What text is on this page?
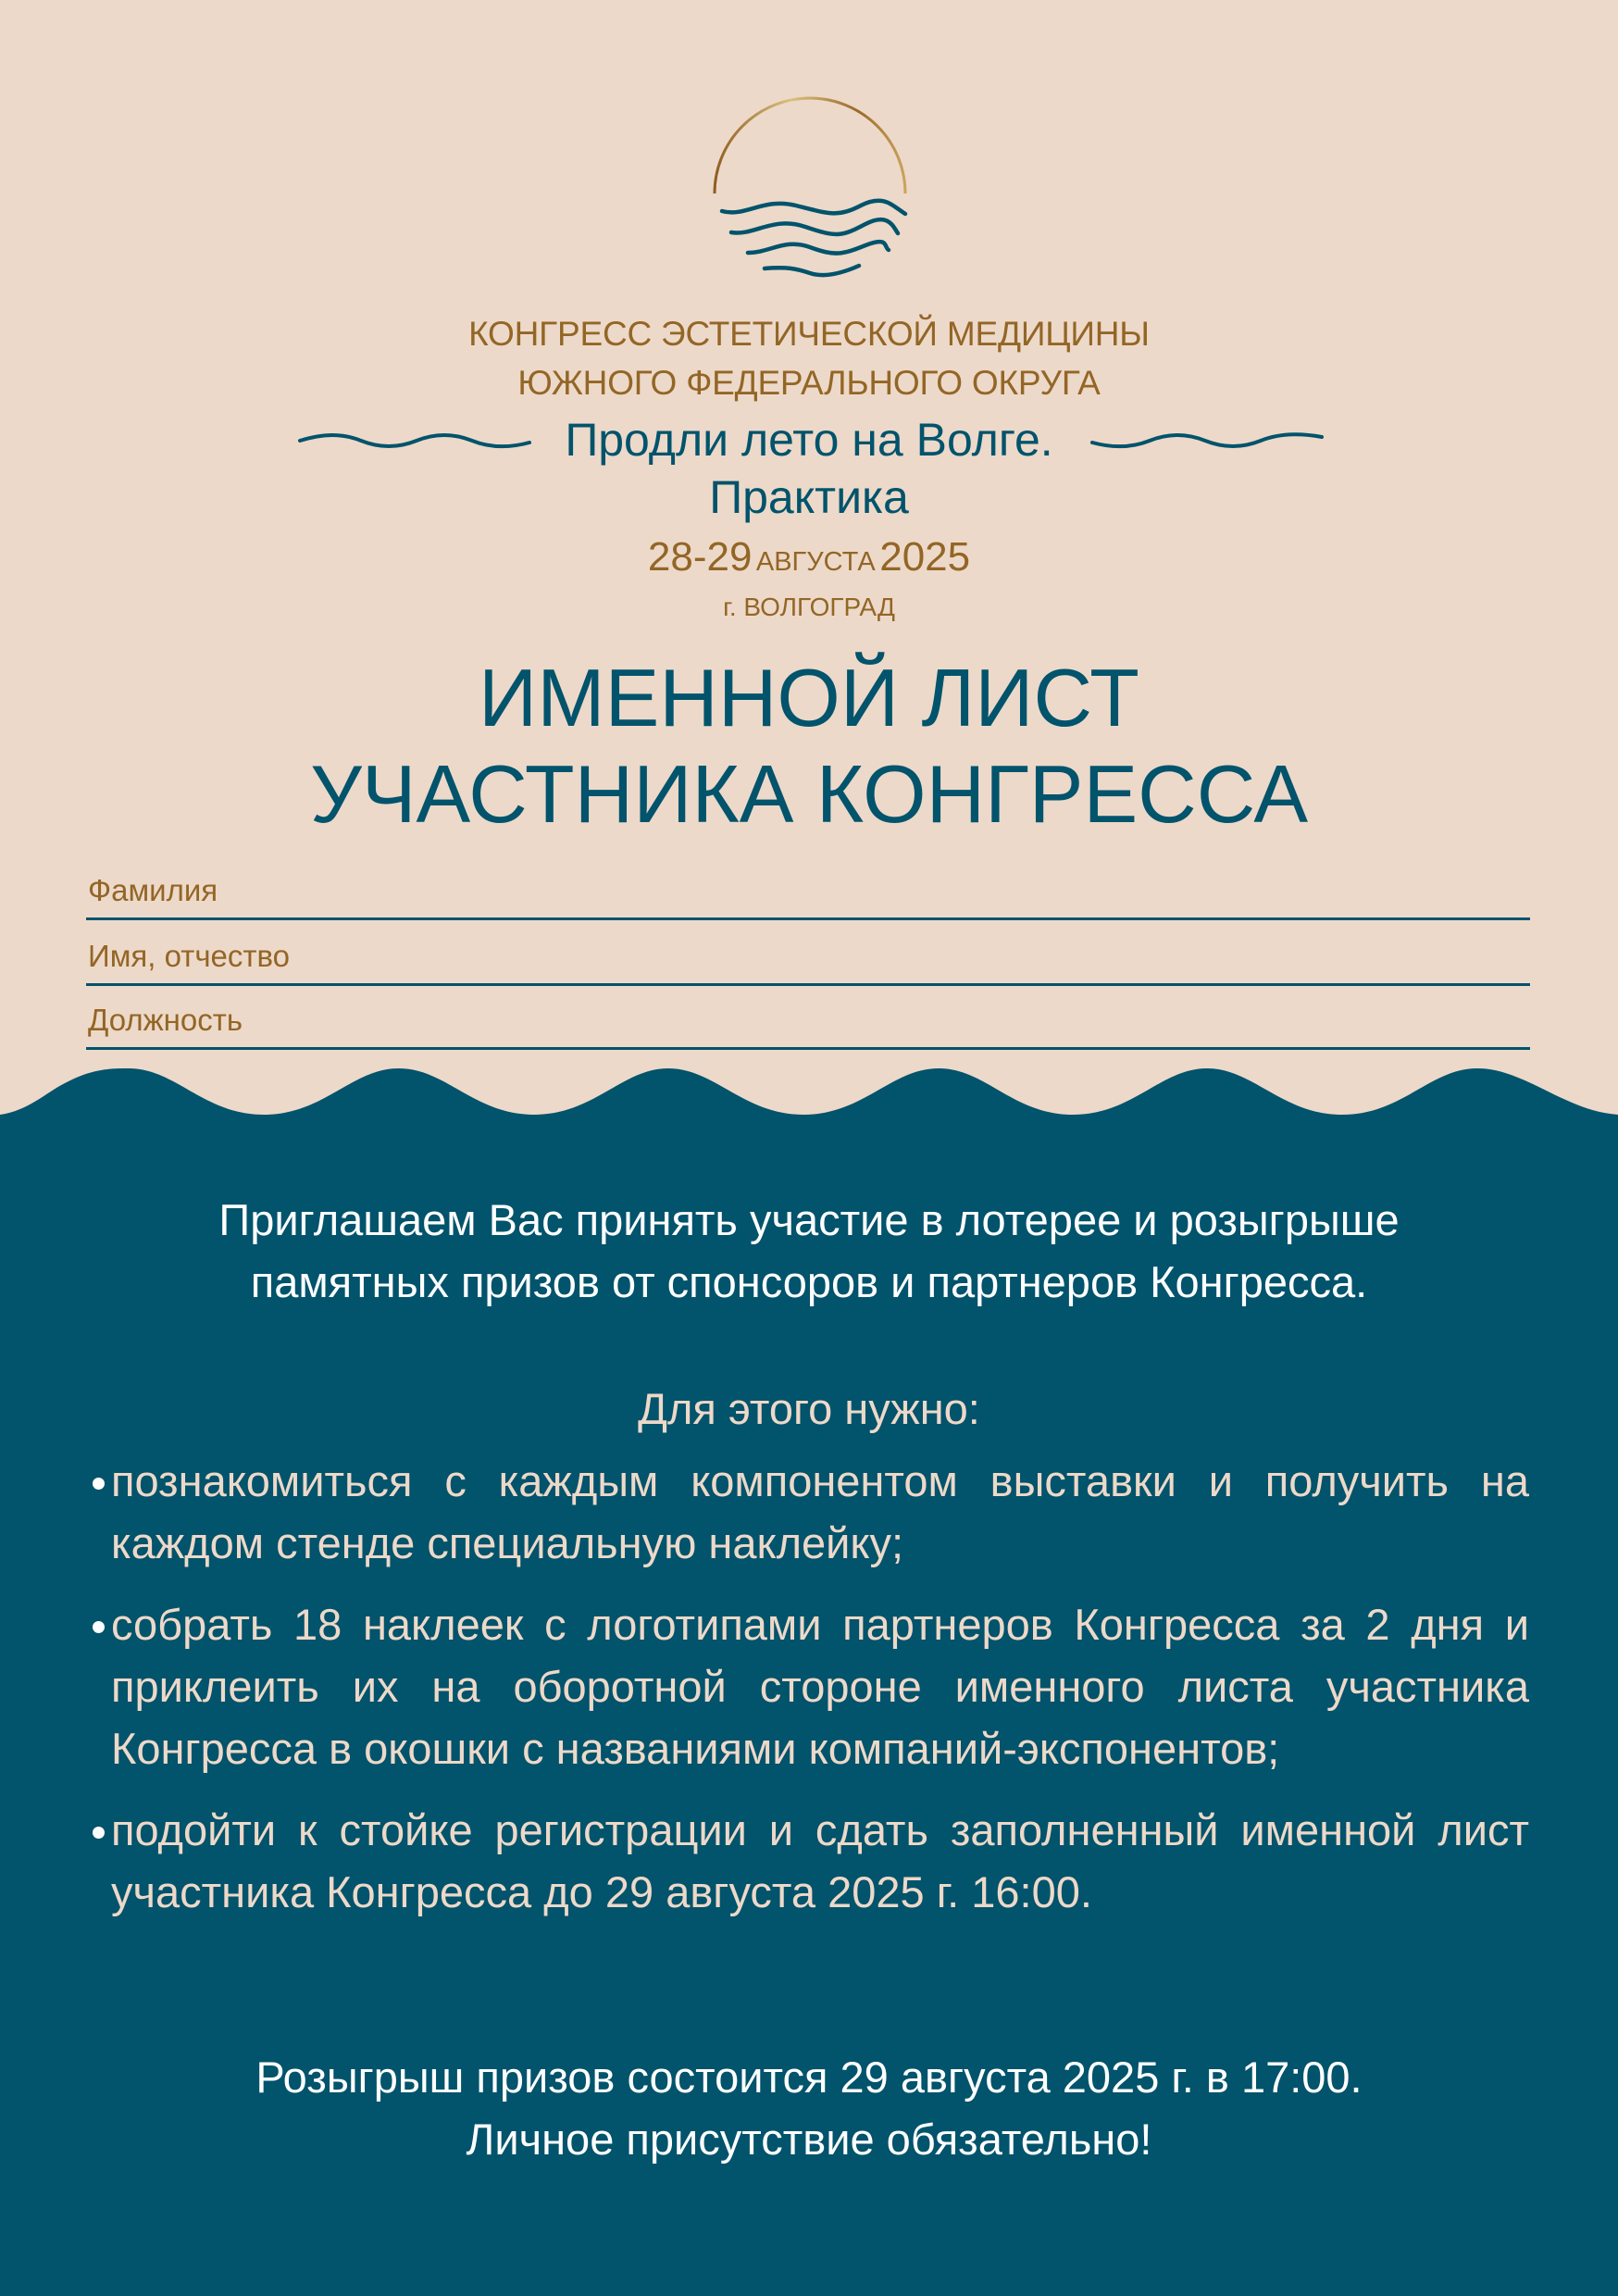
КОНГРЕСС ЭСТЕТИЧЕСКОЙ МЕДИЦИНЫ
ЮЖНОГО ФЕДЕРАЛЬНОГО ОКРУГА
Продли лето на Волге.
Практика
28-29 АВГУСТА 2025
г. ВОЛГОГРАД
ИМЕННОЙ ЛИСТ
УЧАСТНИКА КОНГРЕССА
Фамилия
Имя, отчество
Должность
Приглашаем Вас принять участие в лотерее и розыгрыше
памятных призов от спонсоров и партнеров Конгресса.
Для этого нужно:
познакомиться с каждым компонентом выставки и получить на каждом стенде специальную наклейку;
собрать 18 наклеек с логотипами партнеров Конгресса за 2 дня и приклеить их на оборотной стороне именного листа участника Конгресса в окошки с названиями компаний-экспонентов;
подойти к стойке регистрации и сдать заполненный именной лист участника Конгресса до 29 августа 2025 г. 16:00.
Розыгрыш призов состоится 29 августа 2025 г. в 17:00.
Личное присутствие обязательно!
